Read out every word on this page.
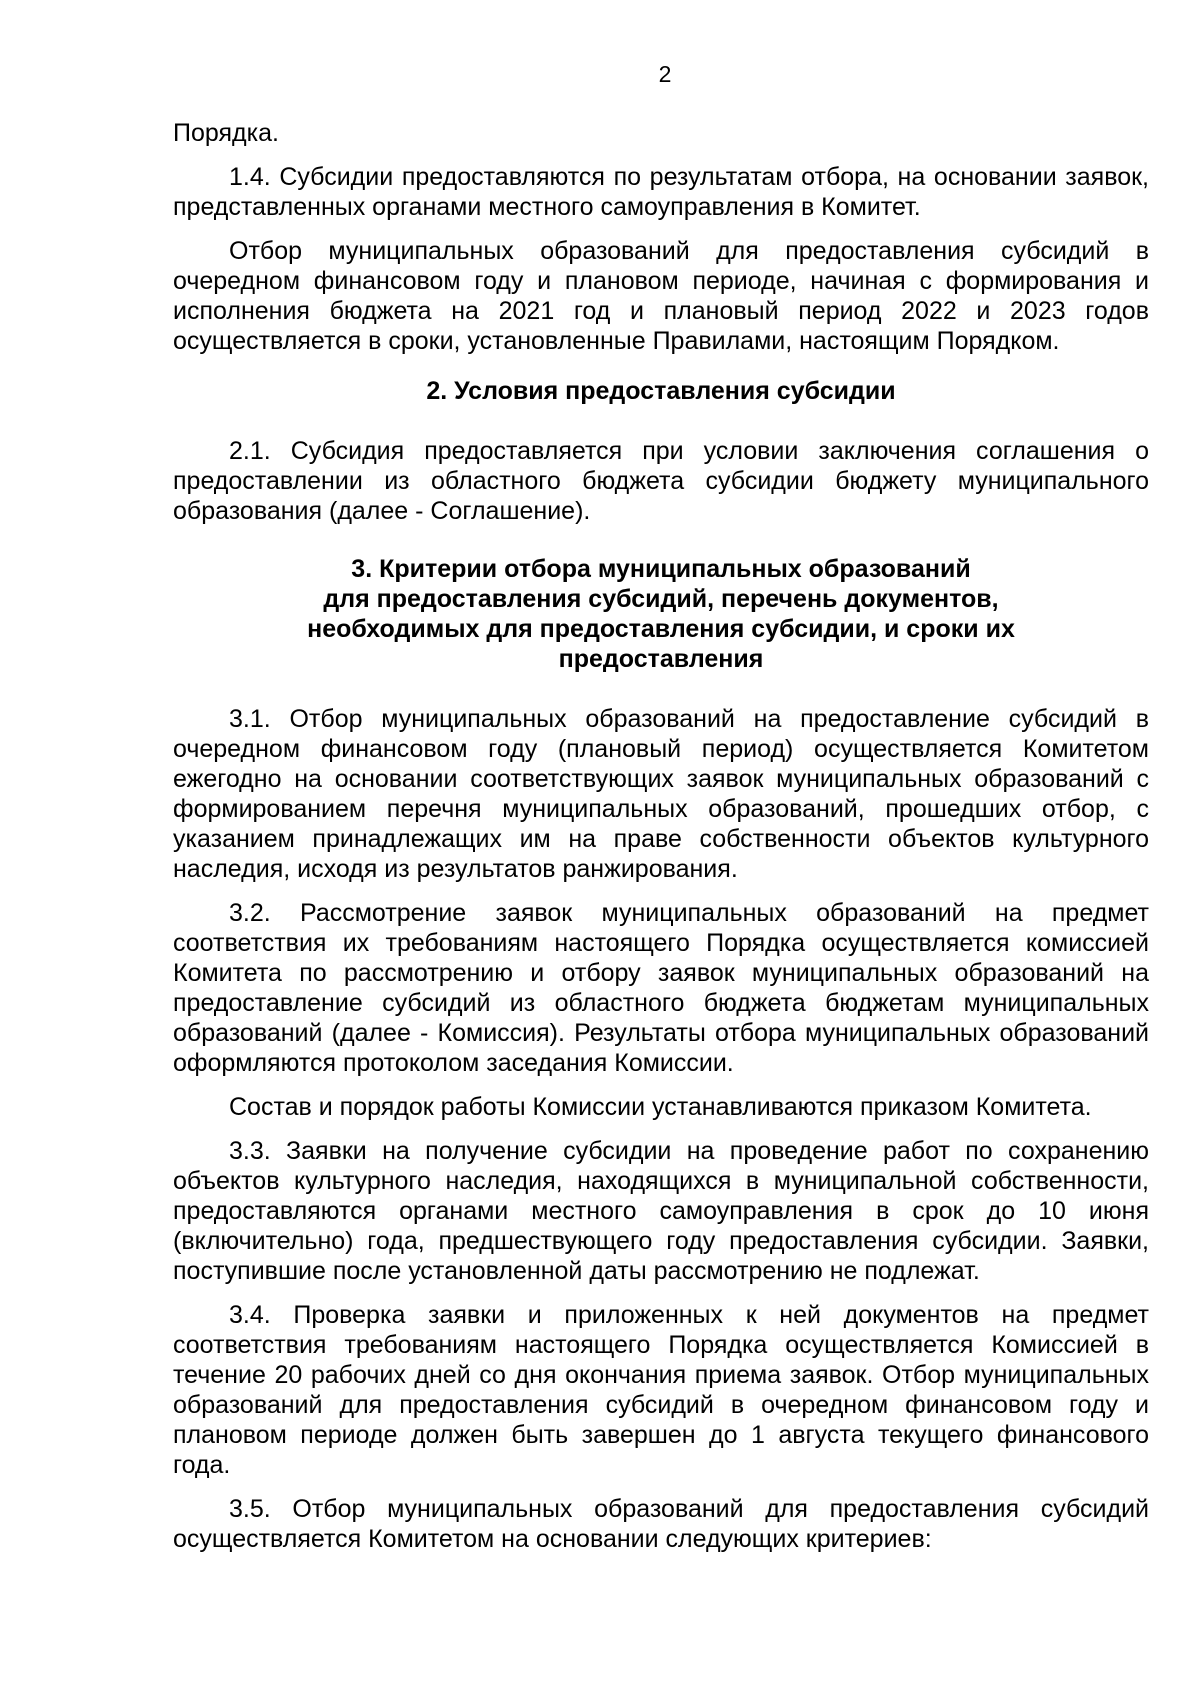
2

Порядка.

1.4. Субсидии предоставляются по результатам отбора, на основании заявок, представленных органами местного самоуправления в Комитет.

Отбор муниципальных образований для предоставления субсидий в очередном финансовом году и плановом периоде, начиная с формирования и исполнения бюджета на 2021 год и плановый период 2022 и 2023 годов осуществляется в сроки, установленные Правилами, настоящим Порядком.

2. Условия предоставления субсидии

2.1. Субсидия предоставляется при условии заключения соглашения о предоставлении из областного бюджета субсидии бюджету муниципального образования (далее - Соглашение).

3. Критерии отбора муниципальных образований
для предоставления субсидий, перечень документов,
необходимых для предоставления субсидии, и сроки их
предоставления

3.1. Отбор муниципальных образований на предоставление субсидий в очередном финансовом году (плановый период) осуществляется Комитетом ежегодно на основании соответствующих заявок муниципальных образований с формированием перечня муниципальных образований, прошедших отбор, с указанием принадлежащих им на праве собственности объектов культурного наследия, исходя из результатов ранжирования.

3.2. Рассмотрение заявок муниципальных образований на предмет соответствия их требованиям настоящего Порядка осуществляется комиссией Комитета по рассмотрению и отбору заявок муниципальных образований на предоставление субсидий из областного бюджета бюджетам муниципальных образований (далее - Комиссия). Результаты отбора муниципальных образований оформляются протоколом заседания Комиссии.

Состав и порядок работы Комиссии устанавливаются приказом Комитета.

3.3. Заявки на получение субсидии на проведение работ по сохранению объектов культурного наследия, находящихся в муниципальной собственности, предоставляются органами местного самоуправления в срок до 10 июня (включительно) года, предшествующего году предоставления субсидии. Заявки, поступившие после установленной даты рассмотрению не подлежат.

3.4. Проверка заявки и приложенных к ней документов на предмет соответствия требованиям настоящего Порядка осуществляется Комиссией в течение 20 рабочих дней со дня окончания приема заявок. Отбор муниципальных образований для предоставления субсидий в очередном финансовом году и плановом периоде должен быть завершен до 1 августа текущего финансового года.

3.5. Отбор муниципальных образований для предоставления субсидий осуществляется Комитетом на основании следующих критериев:
